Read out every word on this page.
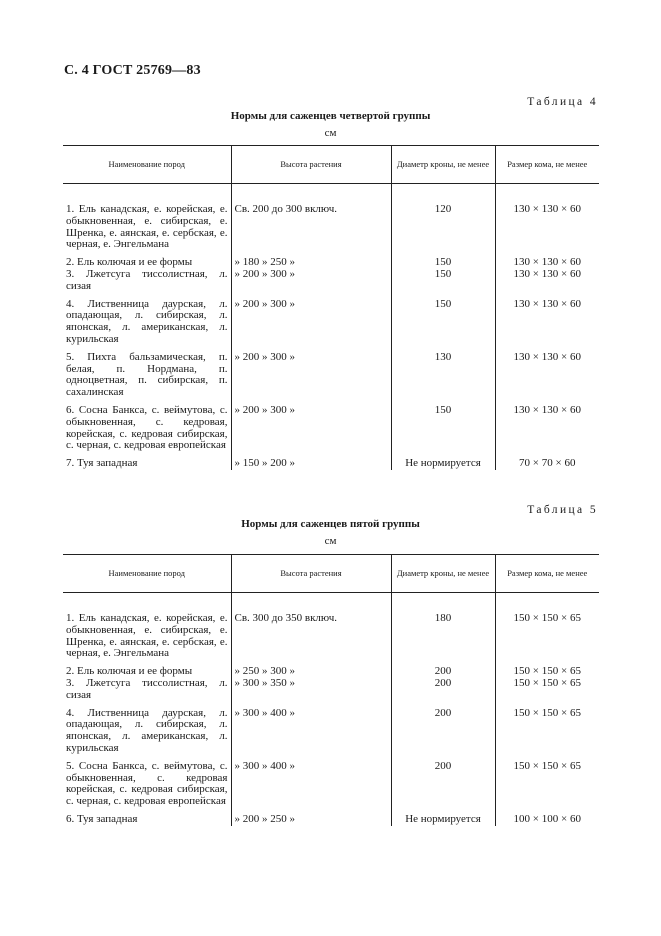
С. 4 ГОСТ 25769—83
Таблица 4
Нормы для саженцев четвертой группы
см
Наименование пород	Высота растения	Диаметр кроны, не менее	Размер кома, не менее

1. Ель канадская, е. корейская, е. обыкновенная, е. сибирская, е. Шренка, е. аянская, е. сербская, е. черная, е. Энгельмана	Св. 200 до 300 включ.	120	130 × 130 × 60

2. Ель колючая и ее формы	» 180 » 250 »	150	130 × 130 × 60
3. Лжетсуга тиссолистная, л. сизая	» 200 » 300 »	150	130 × 130 × 60

4. Лиственница даурская, л. опадающая, л. сибирская, л. японская, л. американская, л. курильская	» 200 » 300 »	150	130 × 130 × 60

5. Пихта бальзамическая, п. белая, п. Нордмана, п. одноцветная, п. сибирская, п. сахалинская	» 200 » 300 »	130	130 × 130 × 60

6. Сосна Банкса, с. веймутова, с. обыкновенная, с. кедровая, корейская, с. кедровая сибирская, с. черная, с. кедровая европейская	» 200 » 300 »	150	130 × 130 × 60

7. Туя западная	» 150 » 200 »	Не нормируется	70 × 70 × 60
Таблица 5
Нормы для саженцев пятой группы
см
Наименование пород	Высота растения	Диаметр кроны, не менее	Размер кома, не менее

1. Ель канадская, е. корейская, е. обыкновенная, е. сибирская, е. Шренка, е. аянская, е. сербская, е. черная, е. Энгельмана	Св. 300 до 350 включ.	180	150 × 150 × 65

2. Ель колючая и ее формы	» 250 » 300 »	200	150 × 150 × 65
3. Лжетсуга тиссолистная, л. сизая	» 300 » 350 »	200	150 × 150 × 65

4. Лиственница даурская, л. опадающая, л. сибирская, л. японская, л. американская, л. курильская	» 300 » 400 »	200	150 × 150 × 65

5. Сосна Банкса, с. веймутова, с. обыкновенная, с. кедровая корейская, с. кедровая сибирская, с. черная, с. кедровая европейская	» 300 » 400 »	200	150 × 150 × 65

6. Туя западная	» 200 » 250 »	Не нормируется	100 × 100 × 60
